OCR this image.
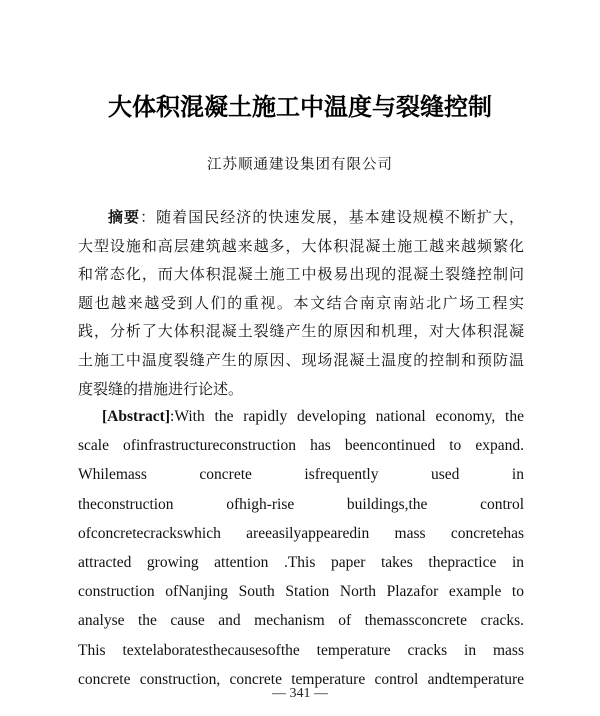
大体积混凝土施工中温度与裂缝控制
江苏顺通建设集团有限公司
摘要：随着国民经济的快速发展，基本建设规模不断扩大，
大型设施和高层建筑越来越多，大体积混凝土施工越来越频繁化
和常态化，而大体积混凝土施工中极易出现的混凝土裂缝控制问
题也越来越受到人们的重视。本文结合南京南站北广场工程实
践，分析了大体积混凝土裂缝产生的原因和机理，对大体积混凝
土施工中温度裂缝产生的原因、现场混凝土温度的控制和预防温
度裂缝的措施进行论述。
[Abstract]:With the rapidly developing national economy, the
scale ofinfrastructureconstruction has beencontinued to expand.
Whilemass concrete isfrequently used in
theconstruction ofhigh-rise buildings,the control
ofconcretecrackswhich areeasilyappearedin mass concretehas
attracted growing attention .This paper takes thepractice in
construction ofNanjing South Station North Plazafor example to
analyse the cause and mechanism of themassconcrete cracks.
This textelaboratesthecausesofthe temperature cracks in mass
concrete construction, concrete temperature control andtemperature
— 341 —
